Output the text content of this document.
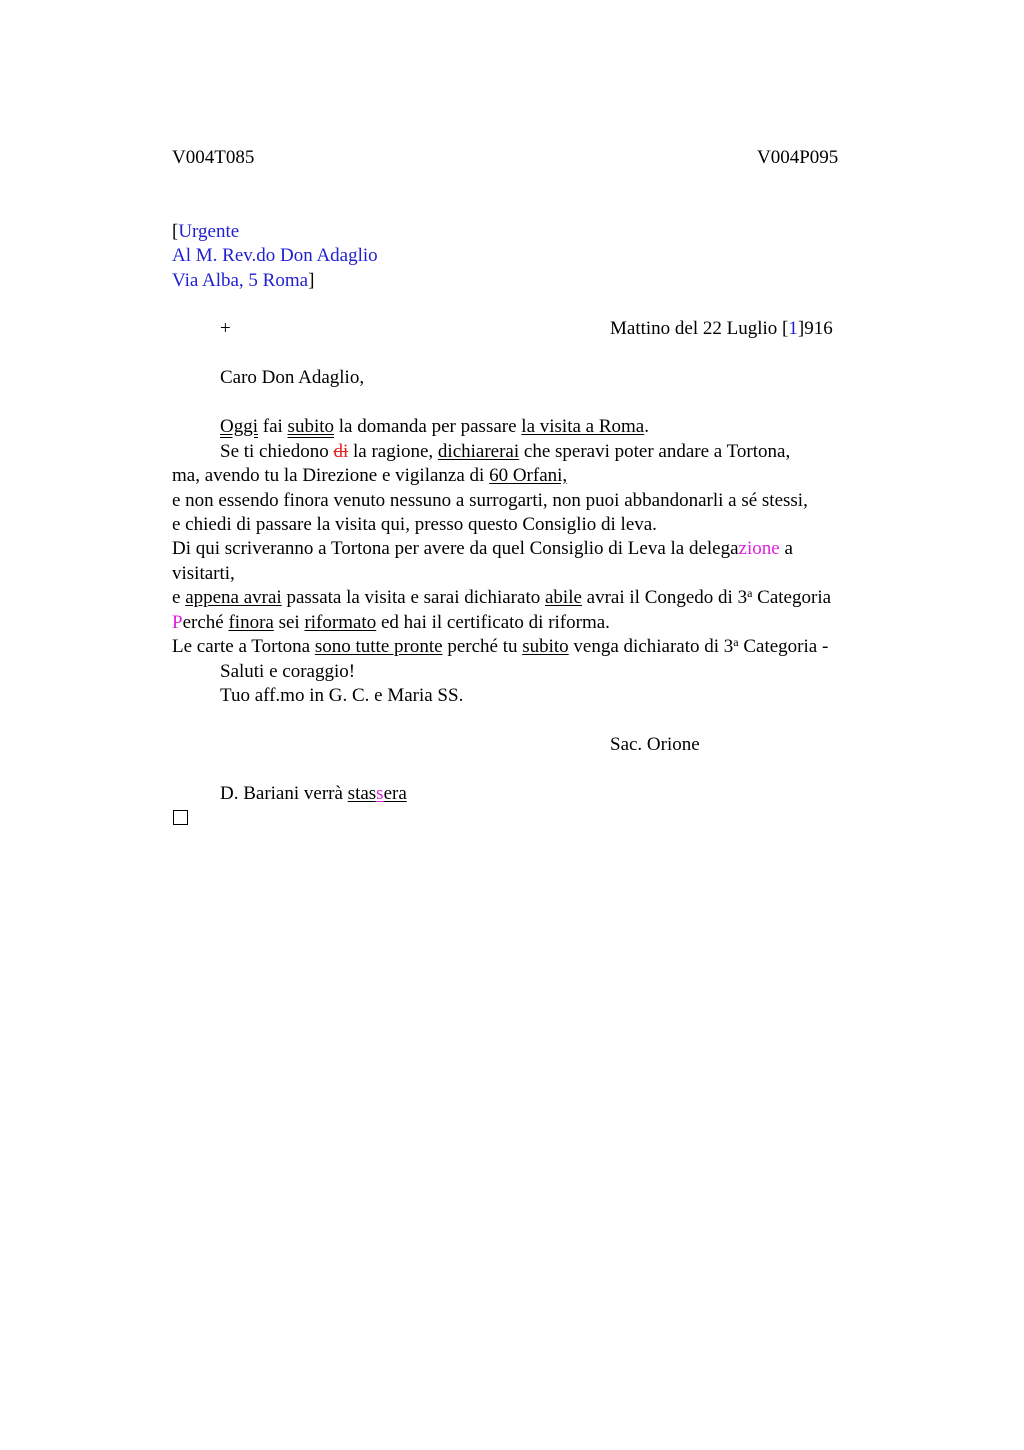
V004T085	V004P095
[Urgente
Al M. Rev.do Don Adaglio
Via Alba, 5 Roma]
+	Mattino del 22 Luglio [1]916
Caro Don Adaglio,
Oggi fai subito la domanda per passare la visita a Roma.
Se ti chiedono di la ragione, dichiarerai che speravi poter andare a Tortona,
ma, avendo tu la Direzione e vigilanza di 60 Orfani,
e non essendo finora venuto nessuno a surrogarti, non puoi abbandonarli a sé stessi,
e chiedi di passare la visita qui, presso questo Consiglio di leva.
Di qui scriveranno a Tortona per avere da quel Consiglio di Leva la delegazione a
visitarti,
e appena avrai passata la visita e sarai dichiarato abile avrai il Congedo di 3$^a$ Categoria
Perché finora sei riformato ed hai il certificato di riforma.
Le carte a Tortona sono tutte pronte perché tu subito venga dichiarato di 3$^a$ Categoria -
Saluti e coraggio!
Tuo aff.mo in G. C. e Maria SS.
Sac. Orione
D. Bariani verrà stassera
